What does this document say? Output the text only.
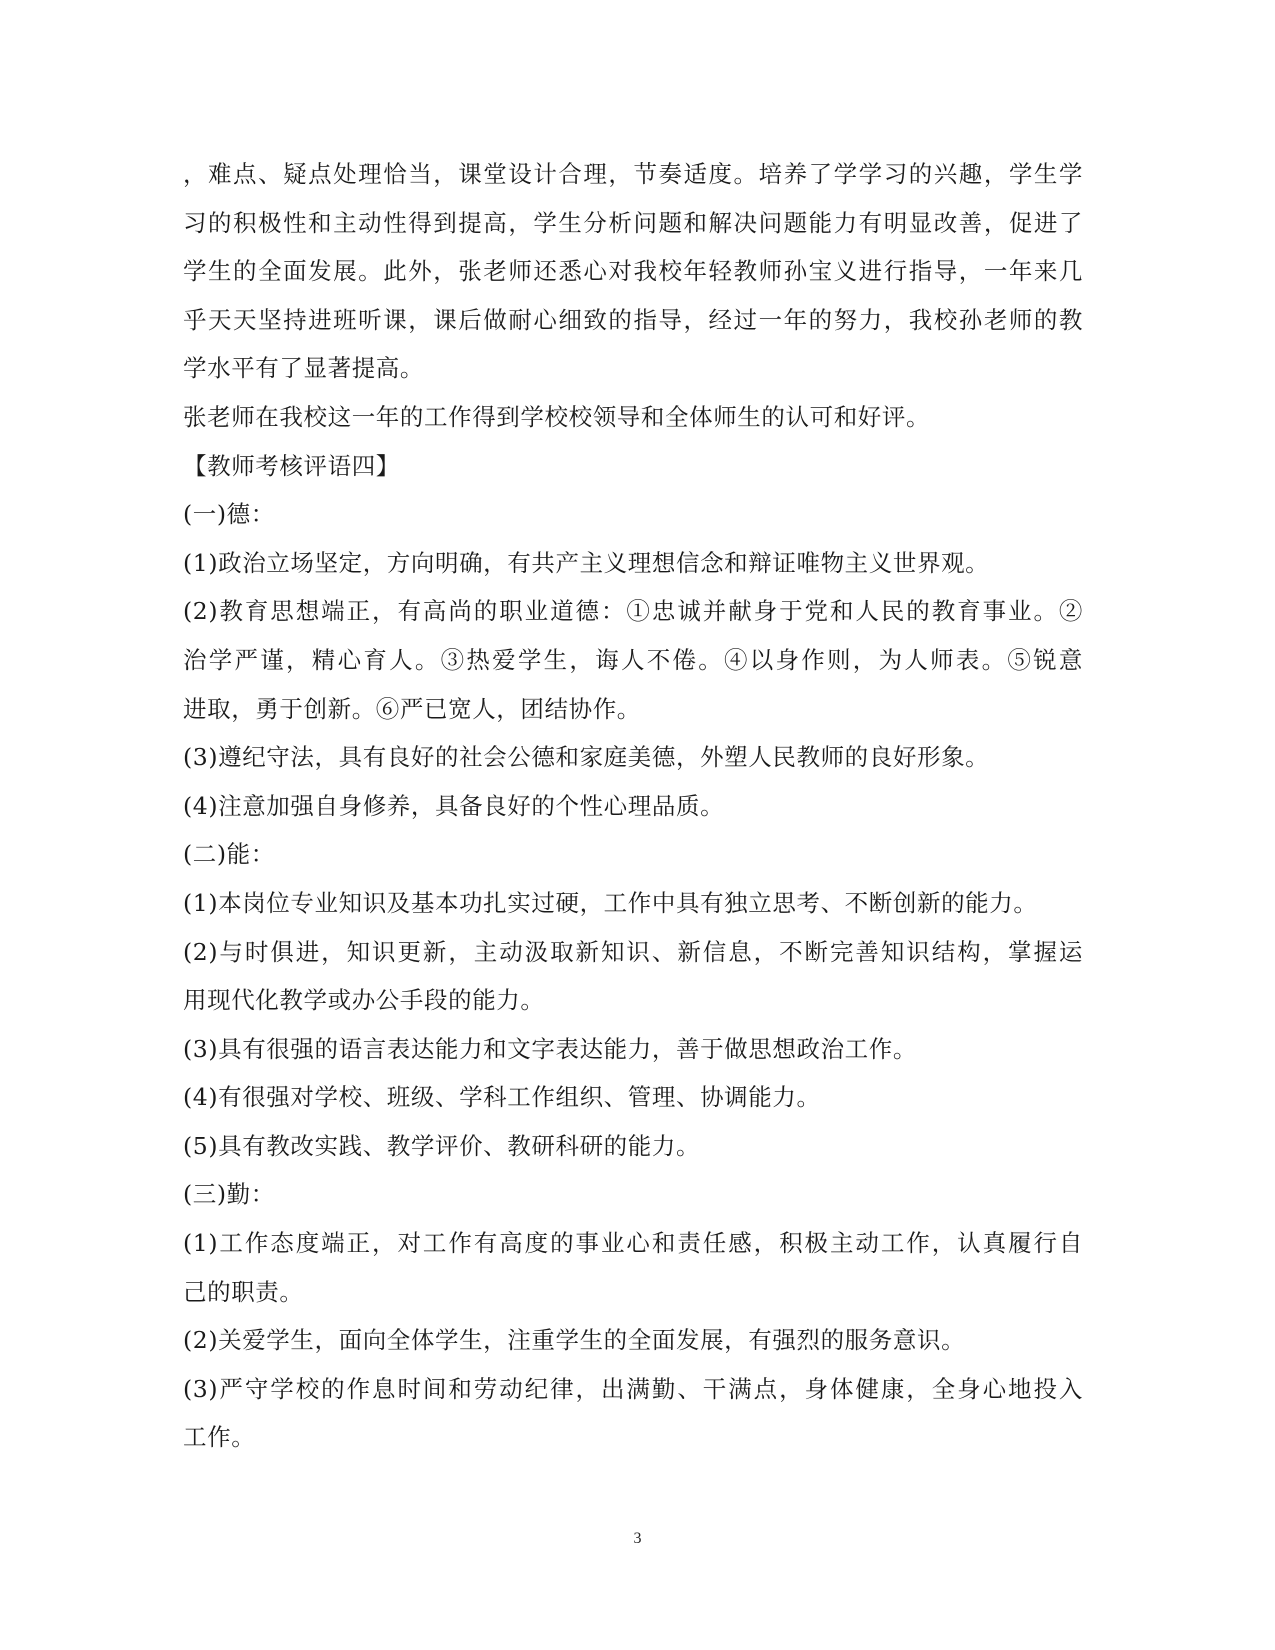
，难点、疑点处理恰当，课堂设计合理，节奏适度。培养了学学习的兴趣，学生学
习的积极性和主动性得到提高，学生分析问题和解决问题能力有明显改善，促进了
学生的全面发展。此外，张老师还悉心对我校年轻教师孙宝义进行指导，一年来几
乎天天坚持进班听课，课后做耐心细致的指导，经过一年的努力，我校孙老师的教
学水平有了显著提高。
张老师在我校这一年的工作得到学校校领导和全体师生的认可和好评。
【教师考核评语四】
(一)德：
(1)政治立场坚定，方向明确，有共产主义理想信念和辩证唯物主义世界观。
(2)教育思想端正，有高尚的职业道德：①忠诚并献身于党和人民的教育事业。②
治学严谨，精心育人。③热爱学生，诲人不倦。④以身作则，为人师表。⑤锐意
进取，勇于创新。⑥严已宽人，团结协作。
(3)遵纪守法，具有良好的社会公德和家庭美德，外塑人民教师的良好形象。
(4)注意加强自身修养，具备良好的个性心理品质。
(二)能：
(1)本岗位专业知识及基本功扎实过硬，工作中具有独立思考、不断创新的能力。
(2)与时俱进，知识更新，主动汲取新知识、新信息，不断完善知识结构，掌握运
用现代化教学或办公手段的能力。
(3)具有很强的语言表达能力和文字表达能力，善于做思想政治工作。
(4)有很强对学校、班级、学科工作组织、管理、协调能力。
(5)具有教改实践、教学评价、教研科研的能力。
(三)勤：
(1)工作态度端正，对工作有高度的事业心和责任感，积极主动工作，认真履行自
己的职责。
(2)关爱学生，面向全体学生，注重学生的全面发展，有强烈的服务意识。
(3)严守学校的作息时间和劳动纪律，出满勤、干满点，身体健康，全身心地投入
工作。
3
